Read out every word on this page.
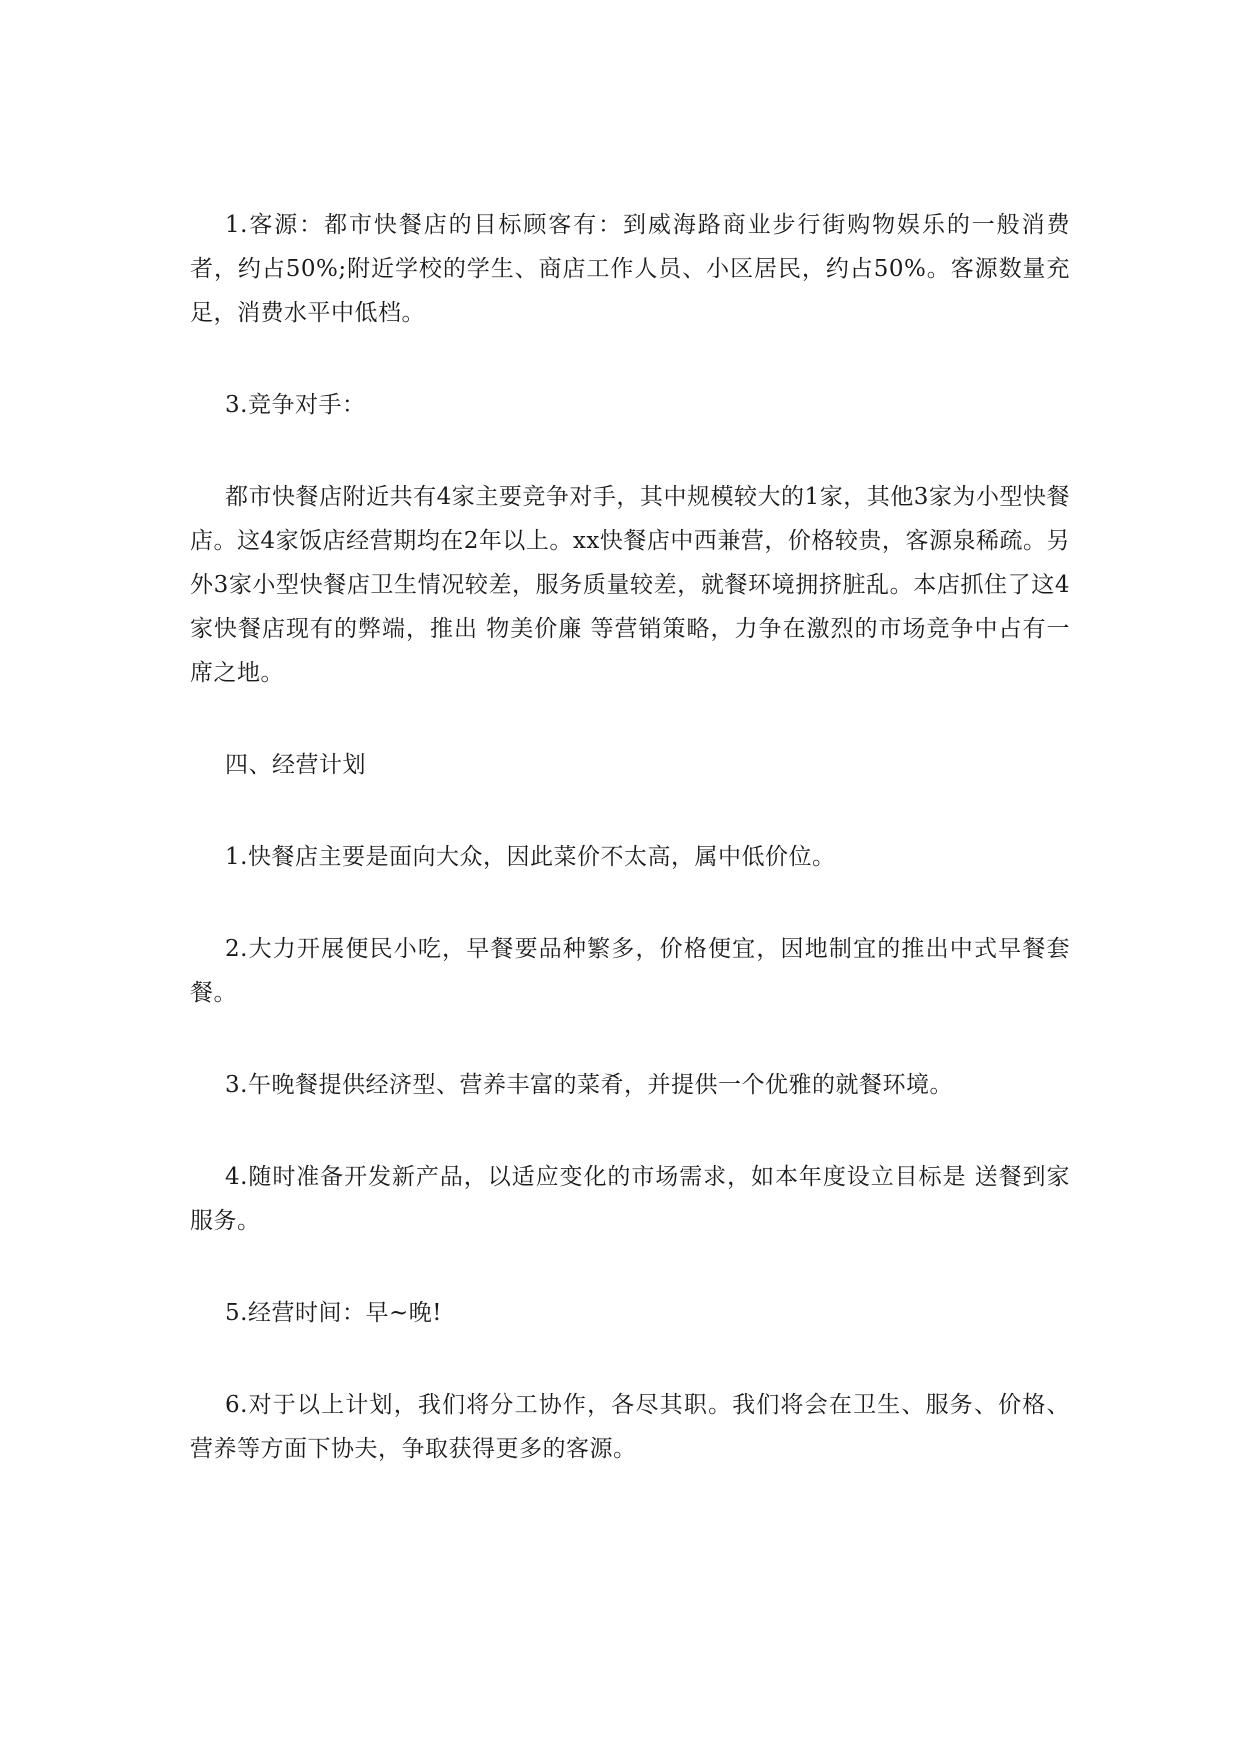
1.客源：都市快餐店的目标顾客有：到威海路商业步行街购物娱乐的一般消费者，约占50%;附近学校的学生、商店工作人员、小区居民，约占50%。客源数量充足，消费水平中低档。

3.竞争对手：

都市快餐店附近共有4家主要竞争对手，其中规模较大的1家，其他3家为小型快餐店。这4家饭店经营期均在2年以上。xx快餐店中西兼营，价格较贵，客源泉稀疏。另外3家小型快餐店卫生情况较差，服务质量较差，就餐环境拥挤脏乱。本店抓住了这4家快餐店现有的弊端，推出 物美价廉 等营销策略，力争在激烈的市场竞争中占有一席之地。

四、经营计划

1.快餐店主要是面向大众，因此菜价不太高，属中低价位。

2.大力开展便民小吃，早餐要品种繁多，价格便宜，因地制宜的推出中式早餐套餐。

3.午晚餐提供经济型、营养丰富的菜肴，并提供一个优雅的就餐环境。

4.随时准备开发新产品，以适应变化的市场需求，如本年度设立目标是 送餐到家 服务。

5.经营时间：早~晚!

6.对于以上计划，我们将分工协作，各尽其职。我们将会在卫生、服务、价格、营养等方面下协夫，争取获得更多的客源。
